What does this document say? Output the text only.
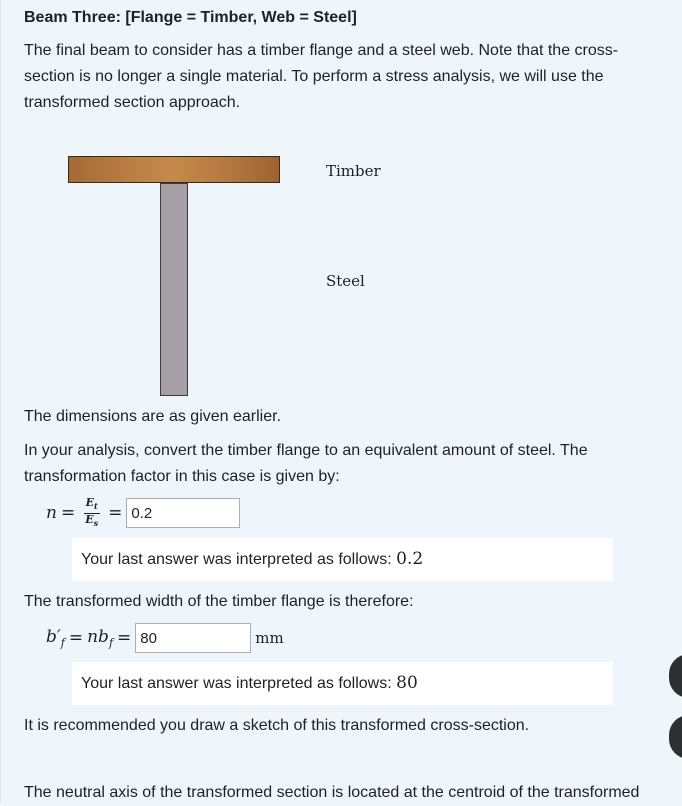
Beam Three: [Flange = Timber, Web = Steel]
The final beam to consider has a timber flange and a steel web. Note that the cross-section is no longer a single material. To perform a stress analysis, we will use the transformed section approach.
Timber
Steel
The dimensions are as given earlier.
In your analysis, convert the timber flange to an equivalent amount of steel. The transformation factor in this case is given by:
$n = \frac{E_t}{E_s}$ =
0.2
Your last answer was interpreted as follows: 0.2
The transformed width of the timber flange is therefore:
$b'_f = nb_f$ =
80	mm
Your last answer was interpreted as follows: 80
It is recommended you draw a sketch of this transformed cross-section.
The neutral axis of the transformed section is located at the centroid of the transformed
